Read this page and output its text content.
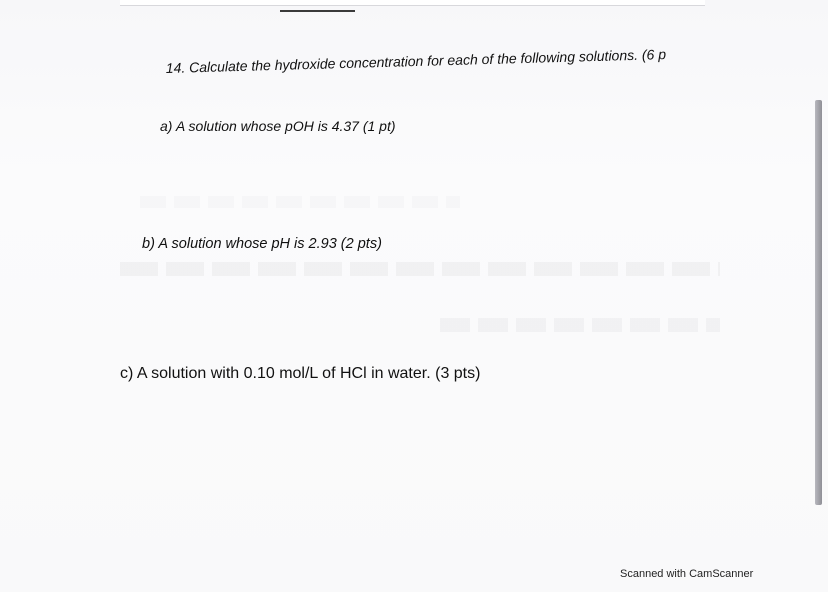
14. Calculate the hydroxide concentration for each of the following solutions. (6 p
a) A solution whose pOH is 4.37 (1 pt)
b) A solution whose pH is 2.93 (2 pts)
c) A solution with 0.10 mol/L of HCl in water. (3 pts)
Scanned with CamScanner
